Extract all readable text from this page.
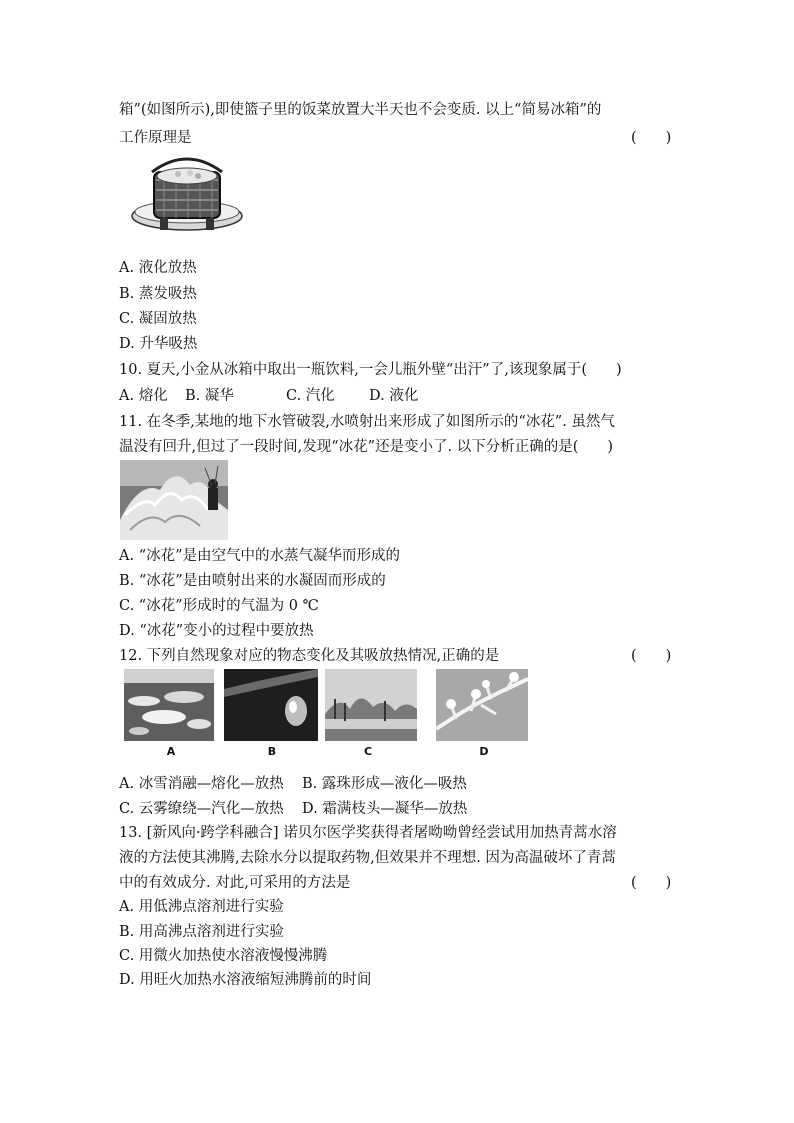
箱”(如图所示),即使篮子里的饭菜放置大半天也不会变质. 以上“简易冰箱”的
工作原理是	(　　)
A. 液化放热
B. 蒸发吸热
C. 凝固放热
D. 升华吸热
10. 夏天,小金从冰箱中取出一瓶饮料,一会儿瓶外壁“出汗”了,该现象属于(　　)
A. 熔化 B. 凝华	C. 汽化 D. 液化
11. 在冬季,某地的地下水管破裂,水喷射出来形成了如图所示的“冰花”. 虽然气
温没有回升,但过了一段时间,发现“冰花”还是变小了. 以下分析正确的是(　　)
A. “冰花”是由空气中的水蒸气凝华而形成的
B. “冰花”是由喷射出来的水凝固而形成的
C. “冰花”形成时的气温为 0 ℃
D. “冰花”变小的过程中要放热
12. 下列自然现象对应的物态变化及其吸放热情况,正确的是	(　　)
A	B	C	D
A. 冰雪消融—熔化—放热 B. 露珠形成—液化—吸热
C. 云雾缭绕—汽化—放热 D. 霜满枝头—凝华—放热
13. [新风向·跨学科融合] 诺贝尔医学奖获得者屠呦呦曾经尝试用加热青蒿水溶
液的方法使其沸腾,去除水分以提取药物,但效果并不理想. 因为高温破坏了青蒿
中的有效成分. 对此,可采用的方法是	(　　)
A. 用低沸点溶剂进行实验
B. 用高沸点溶剂进行实验
C. 用微火加热使水溶液慢慢沸腾
D. 用旺火加热水溶液缩短沸腾前的时间
